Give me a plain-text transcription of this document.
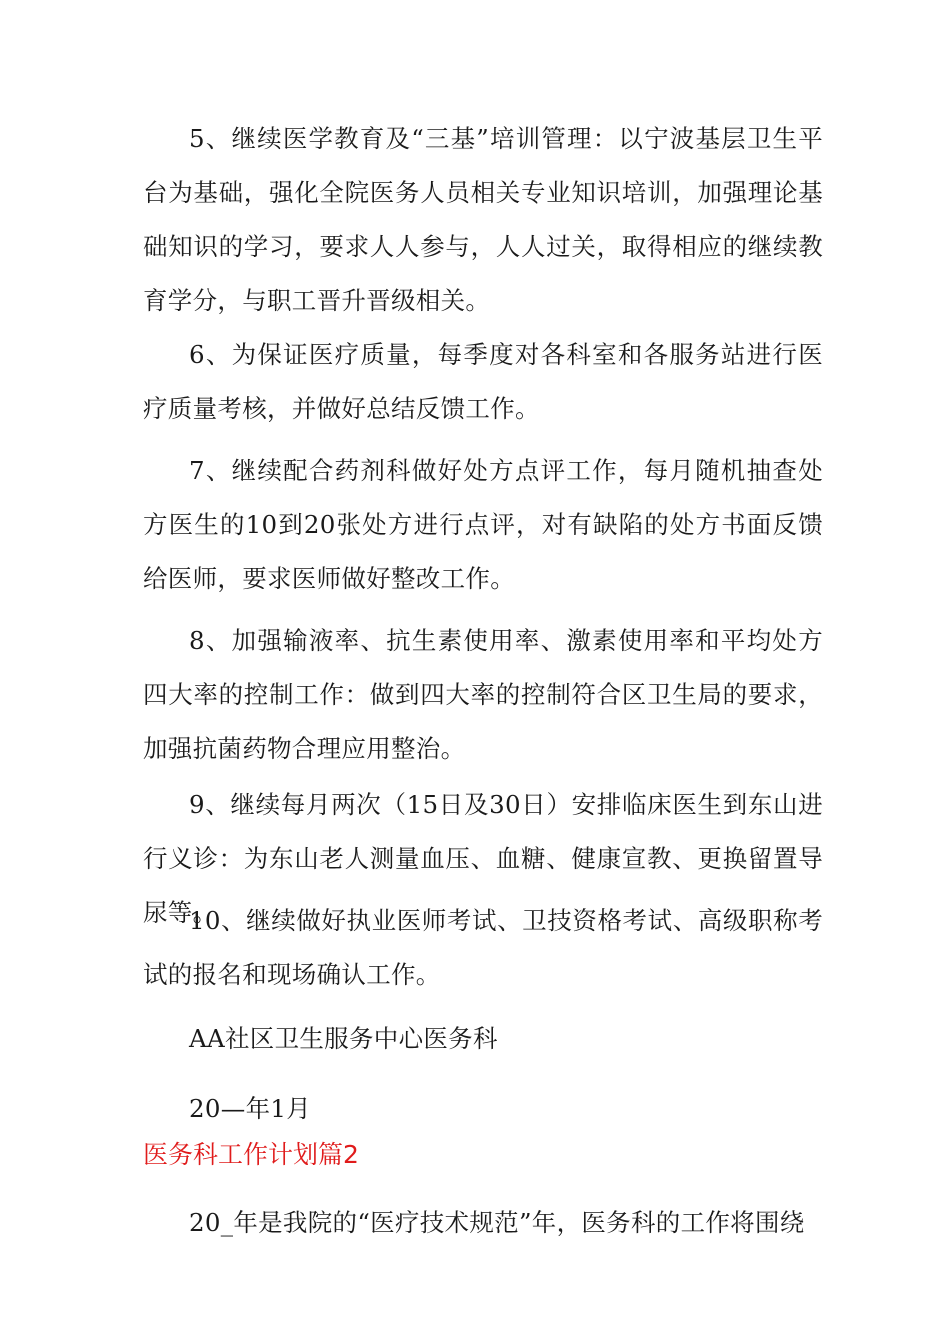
5、继续医学教育及“三基”培训管理：以宁波基层卫生平台为基础，强化全院医务人员相关专业知识培训，加强理论基础知识的学习，要求人人参与，人人过关，取得相应的继续教育学分，与职工晋升晋级相关。

6、为保证医疗质量，每季度对各科室和各服务站进行医疗质量考核，并做好总结反馈工作。

7、继续配合药剂科做好处方点评工作，每月随机抽查处方医生的10到20张处方进行点评，对有缺陷的处方书面反馈给医师，要求医师做好整改工作。

8、加强输液率、抗生素使用率、激素使用率和平均处方四大率的控制工作：做到四大率的控制符合区卫生局的要求，加强抗菌药物合理应用整治。

9、继续每月两次（15日及30日）安排临床医生到东山进行义诊：为东山老人测量血压、血糖、健康宣教、更换留置导尿等。

10、继续做好执业医师考试、卫技资格考试、高级职称考试的报名和现场确认工作。

AA社区卫生服务中心医务科

20—年1月

医务科工作计划篇2

20_年是我院的“医疗技术规范”年，医务科的工作将围绕
